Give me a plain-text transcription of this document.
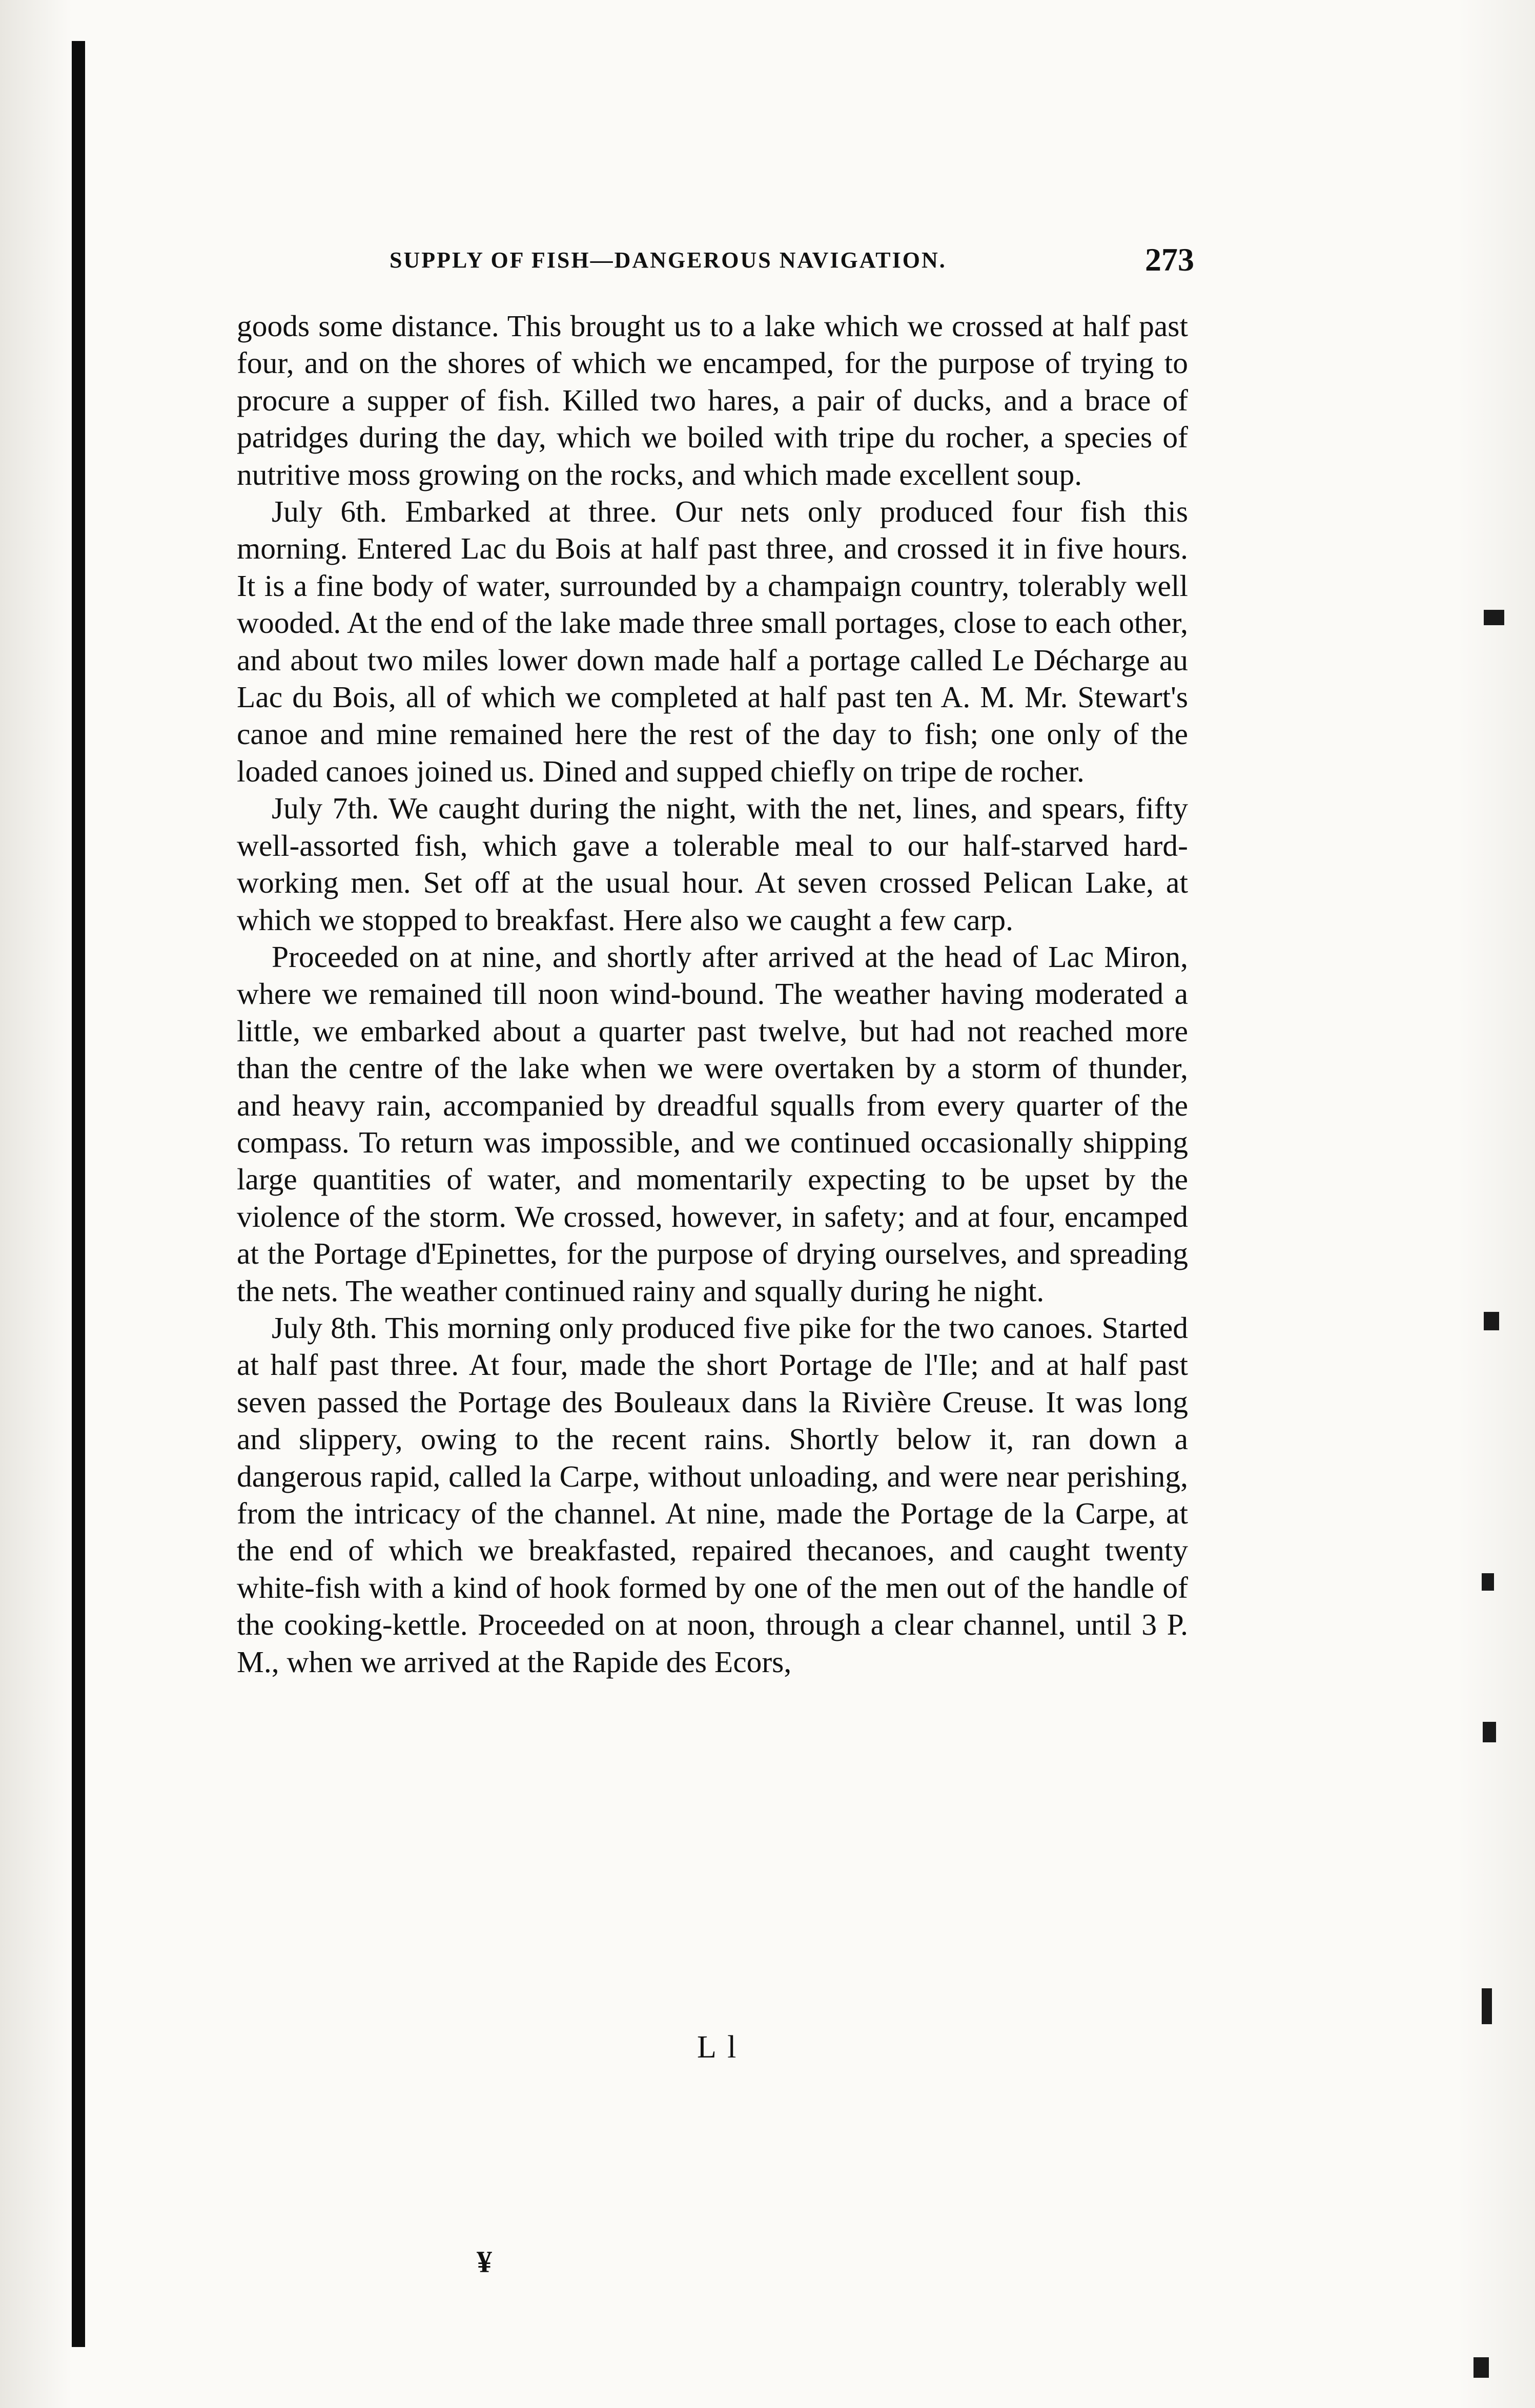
SUPPLY OF FISH—DANGEROUS NAVIGATION.	273

goods some distance. This brought us to a lake which we crossed at half past four, and on the shores of which we encamped, for the purpose of trying to procure a supper of fish. Killed two hares, a pair of ducks, and a brace of patridges during the day, which we boiled with tripe du rocher, a species of nutritive moss growing on the rocks, and which made excellent soup.

July 6th. Embarked at three. Our nets only produced four fish this morning. Entered Lac du Bois at half past three, and crossed it in five hours. It is a fine body of water, surrounded by a champaign country, tolerably well wooded. At the end of the lake made three small portages, close to each other, and about two miles lower down made half a portage called Le Décharge au Lac du Bois, all of which we completed at half past ten A. M. Mr. Stewart's canoe and mine remained here the rest of the day to fish; one only of the loaded canoes joined us. Dined and supped chiefly on tripe de rocher.

July 7th. We caught during the night, with the net, lines, and spears, fifty well-assorted fish, which gave a tolerable meal to our half-starved hard-working men. Set off at the usual hour. At seven crossed Pelican Lake, at which we stopped to breakfast. Here also we caught a few carp.

Proceeded on at nine, and shortly after arrived at the head of Lac Miron, where we remained till noon wind-bound. The weather having moderated a little, we embarked about a quarter past twelve, but had not reached more than the centre of the lake when we were overtaken by a storm of thunder, and heavy rain, accompanied by dreadful squalls from every quarter of the compass. To return was impossible, and we continued occasionally shipping large quantities of water, and momentarily expecting to be upset by the violence of the storm. We crossed, however, in safety; and at four, encamped at the Portage d'Epinettes, for the purpose of drying ourselves, and spreading the nets. The weather continued rainy and squally during he night.

July 8th. This morning only produced five pike for the two canoes. Started at half past three. At four, made the short Portage de l'Ile; and at half past seven passed the Portage des Bouleaux dans la Rivière Creuse. It was long and slippery, owing to the recent rains. Shortly below it, ran down a dangerous rapid, called la Carpe, without unloading, and were near perishing, from the intricacy of the channel. At nine, made the Portage de la Carpe, at the end of which we breakfasted, repaired thecanoes, and caught twenty white-fish with a kind of hook formed by one of the men out of the handle of the cooking-kettle. Proceeded on at noon, through a clear channel, until 3 P. M., when we arrived at the Rapide des Ecors,

L l
¥
